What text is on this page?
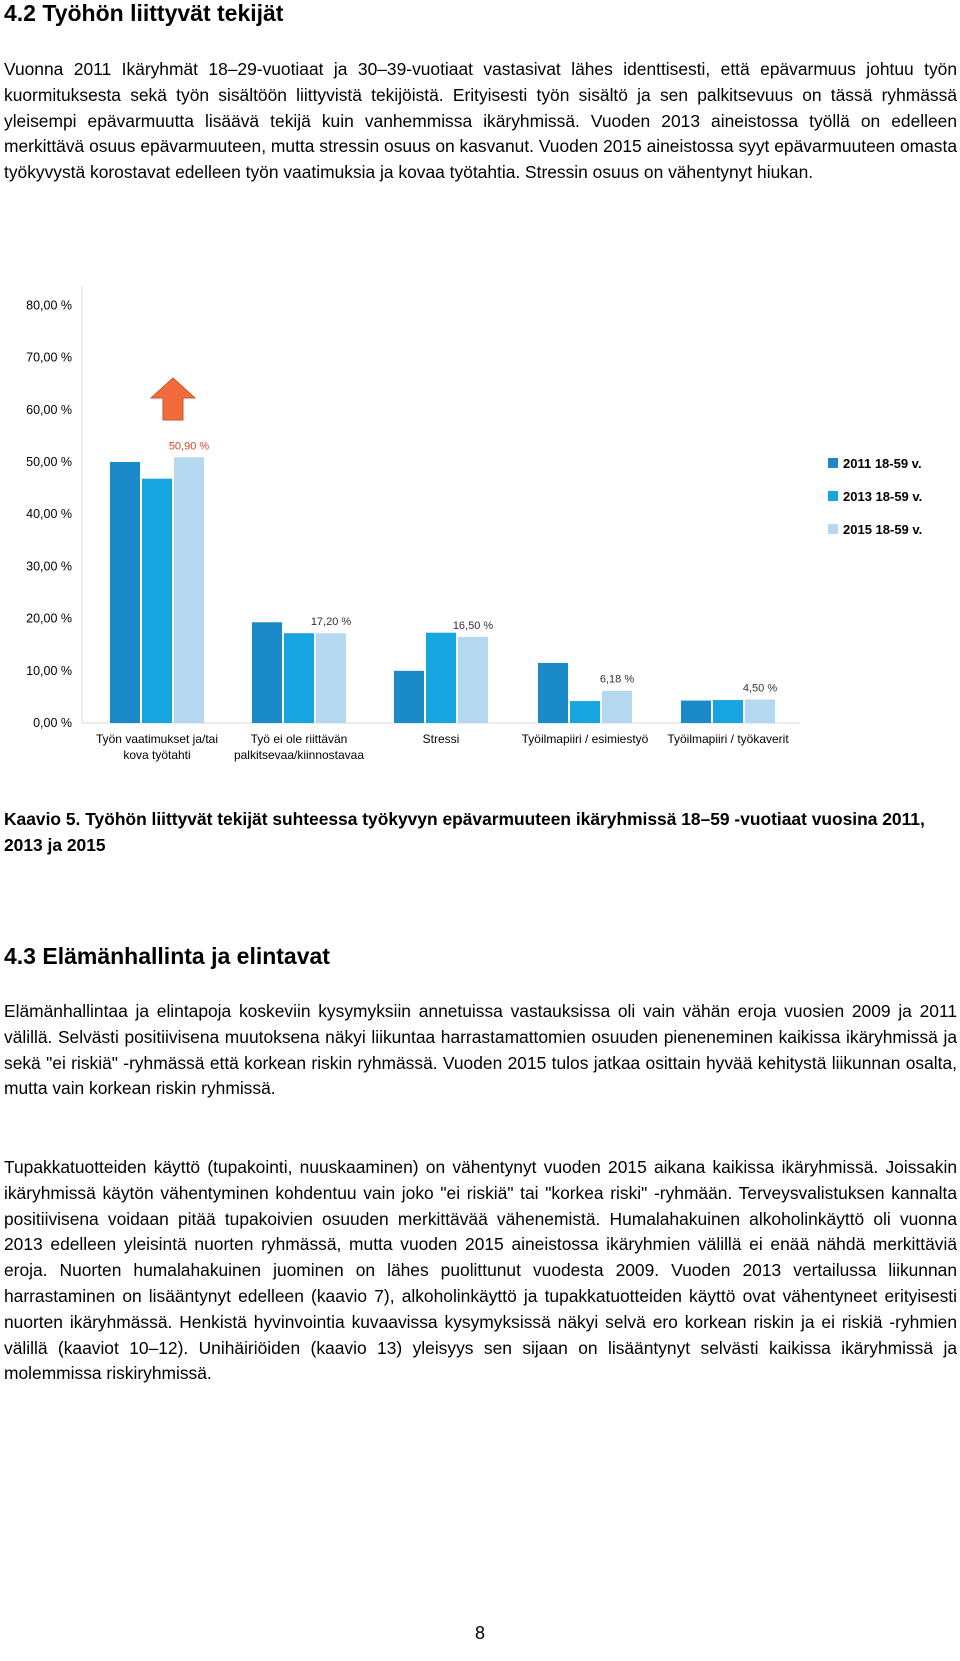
4.2 Työhön liittyvät tekijät

Vuonna 2011 Ikäryhmät 18–29-vuotiaat ja 30–39-vuotiaat vastasivat lähes identtisesti, että epävarmuus johtuu työn kuormituksesta sekä työn sisältöön liittyvistä tekijöistä. Erityisesti työn sisältö ja sen palkitsevuus on tässä ryhmässä yleisempi epävarmuutta lisäävä tekijä kuin vanhemmissa ikäryhmissä. Vuoden 2013 aineistossa työllä on edelleen merkittävä osuus epävarmuuteen, mutta stressin osuus on kasvanut. Vuoden 2015 aineistossa syyt epävarmuuteen omasta työkyvystä korostavat edelleen työn vaatimuksia ja kovaa työtahtia. Stressin osuus on vähentynyt hiukan.

0,00 %
10,00 %
20,00 %
30,00 %
40,00 %
50,00 %
60,00 %
70,00 %
80,00 %
50,90 %
17,20 %	16,50 %
6,18 %
4,50 %
Työn vaatimukset ja/tai
kova työtahti
Työ ei ole riittävän
palkitsevaa/kiinnostavaa
Stressi	Työilmapiiri / esimiestyö Työilmapiiri / työkaverit
2011 18-59 v.
2013 18-59 v.
2015 18-59 v.

Kaavio 5. Työhön liittyvät tekijät suhteessa työkyvyn epävarmuuteen ikäryhmissä 18–59 -vuotiaat vuosina 2011, 2013 ja 2015

4.3 Elämänhallinta ja elintavat

Elämänhallintaa ja elintapoja koskeviin kysymyksiin annetuissa vastauksissa oli vain vähän eroja vuosien 2009 ja 2011 välillä. Selvästi positiivisena muutoksena näkyi liikuntaa harrastamattomien osuuden pieneneminen kaikissa ikäryhmissä ja sekä "ei riskiä" -ryhmässä että korkean riskin ryhmässä. Vuoden 2015 tulos jatkaa osittain hyvää kehitystä liikunnan osalta, mutta vain korkean riskin ryhmissä.

Tupakkatuotteiden käyttö (tupakointi, nuuskaaminen) on vähentynyt vuoden 2015 aikana kaikissa ikäryhmissä. Joissakin ikäryhmissä käytön vähentyminen kohdentuu vain joko "ei riskiä" tai "korkea riski" -ryhmään. Terveysvalistuksen kannalta positiivisena voidaan pitää tupakoivien osuuden merkittävää vähenemistä. Humalahakuinen alkoholinkäyttö oli vuonna 2013 edelleen yleisintä nuorten ryhmässä, mutta vuoden 2015 aineistossa ikäryhmien välillä ei enää nähdä merkittäviä eroja. Nuorten humalahakuinen juominen on lähes puolittunut vuodesta 2009. Vuoden 2013 vertailussa liikunnan harrastaminen on lisääntynyt edelleen (kaavio 7), alkoholinkäyttö ja tupakkatuotteiden käyttö ovat vähentyneet erityisesti nuorten ikäryhmässä. Henkistä hyvinvointia kuvaavissa kysymyksissä näkyi selvä ero korkean riskin ja ei riskiä -ryhmien välillä (kaaviot 10–12). Unihäiriöiden (kaavio 13) yleisyys sen sijaan on lisääntynyt selvästi kaikissa ikäryhmissä ja molemmissa riskiryhmissä.

8
